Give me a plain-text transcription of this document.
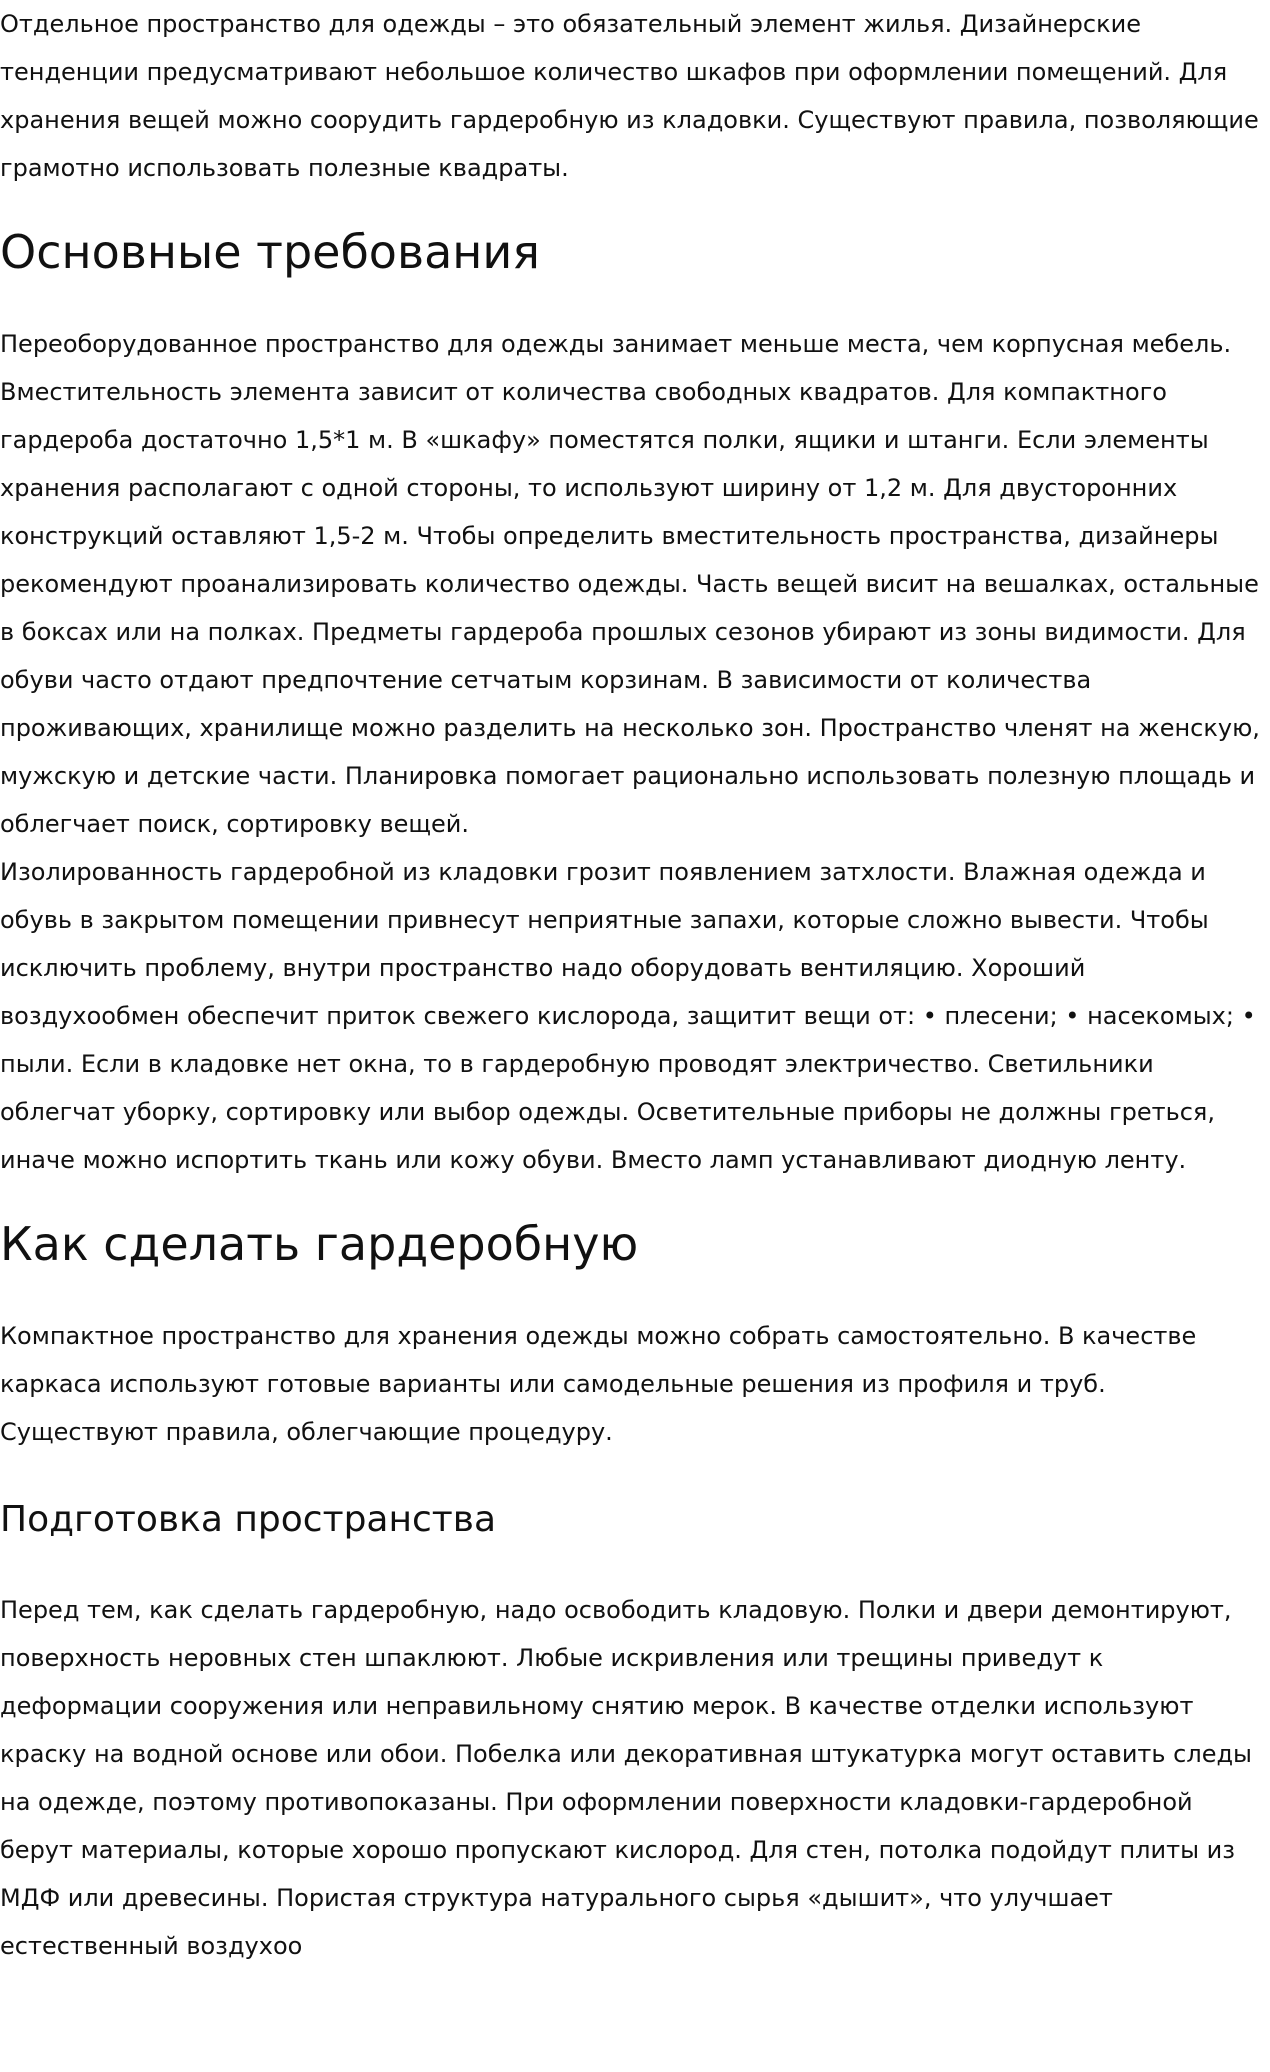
Отдельное пространство для одежды – это обязательный элемент жилья. Дизайнерские тенденции предусматривают небольшое количество шкафов при оформлении помещений. Для хранения вещей можно соорудить гардеробную из кладовки. Существуют правила, позволяющие грамотно использовать полезные квадраты.

Основные требования

Переоборудованное пространство для одежды занимает меньше места, чем корпусная мебель. Вместительность элемента зависит от количества свободных квадратов. Для компактного гардероба достаточно 1,5*1 м. В «шкафу» поместятся полки, ящики и штанги. Если элементы хранения располагают с одной стороны, то используют ширину от 1,2 м. Для двусторонних конструкций оставляют 1,5-2 м. Чтобы определить вместительность пространства, дизайнеры рекомендуют проанализировать количество одежды. Часть вещей висит на вешалках, остальные в боксах или на полках. Предметы гардероба прошлых сезонов убирают из зоны видимости. Для обуви часто отдают предпочтение сетчатым корзинам. В зависимости от количества проживающих, хранилище можно разделить на несколько зон. Пространство членят на женскую, мужскую и детские части. Планировка помогает рационально использовать полезную площадь и облегчает поиск, сортировку вещей.

Изолированность гардеробной из кладовки грозит появлением затхлости. Влажная одежда и обувь в закрытом помещении привнесут неприятные запахи, которые сложно вывести. Чтобы исключить проблему, внутри пространство надо оборудовать вентиляцию. Хороший воздухообмен обеспечит приток свежего кислорода, защитит вещи от: • плесени; • насекомых; • пыли. Если в кладовке нет окна, то в гардеробную проводят электричество. Светильники облегчат уборку, сортировку или выбор одежды. Осветительные приборы не должны греться, иначе можно испортить ткань или кожу обуви. Вместо ламп устанавливают диодную ленту.

Как сделать гардеробную

Компактное пространство для хранения одежды можно собрать самостоятельно. В качестве каркаса используют готовые варианты или самодельные решения из профиля и труб. Существуют правила, облегчающие процедуру.

Подготовка пространства

Перед тем, как сделать гардеробную, надо освободить кладовую. Полки и двери демонтируют, поверхность неровных стен шпаклюют. Любые искривления или трещины приведут к деформации сооружения или неправильному снятию мерок. В качестве отделки используют краску на водной основе или обои. Побелка или декоративная штукатурка могут оставить следы на одежде, поэтому противопоказаны. При оформлении поверхности кладовки-гардеробной берут материалы, которые хорошо пропускают кислород. Для стен, потолка подойдут плиты из МДФ или древесины. Пористая структура натурального сырья «дышит», что улучшает естественный воздухоо
